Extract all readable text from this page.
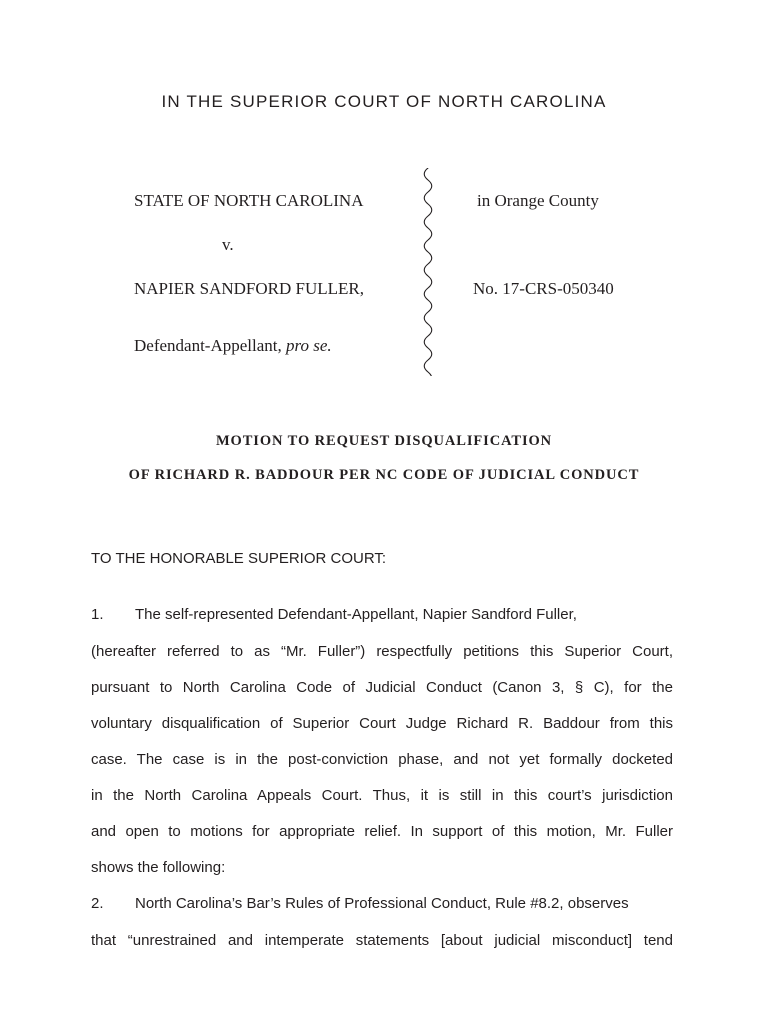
IN THE SUPERIOR COURT OF NORTH CAROLINA
STATE OF NORTH CAROLINA
v.
NAPIER SANDFORD FULLER,
Defendant-Appellant, pro se.
in Orange County
No. 17-CRS-050340
MOTION TO REQUEST DISQUALIFICATION
OF RICHARD R. BADDOUR PER NC CODE OF JUDICIAL CONDUCT
TO THE HONORABLE SUPERIOR COURT:
1. The self-represented Defendant-Appellant, Napier Sandford Fuller,
(hereafter referred to as “Mr. Fuller”) respectfully petitions this Superior Court,
pursuant to North Carolina Code of Judicial Conduct (Canon 3, § C), for the
voluntary disqualification of Superior Court Judge Richard R. Baddour from this
case. The case is in the post-conviction phase, and not yet formally docketed
in the North Carolina Appeals Court. Thus, it is still in this court’s jurisdiction
and open to motions for appropriate relief. In support of this motion, Mr. Fuller
shows the following:
2. North Carolina’s Bar’s Rules of Professional Conduct, Rule #8.2, observes
that “unrestrained and intemperate statements [about judicial misconduct] tend
